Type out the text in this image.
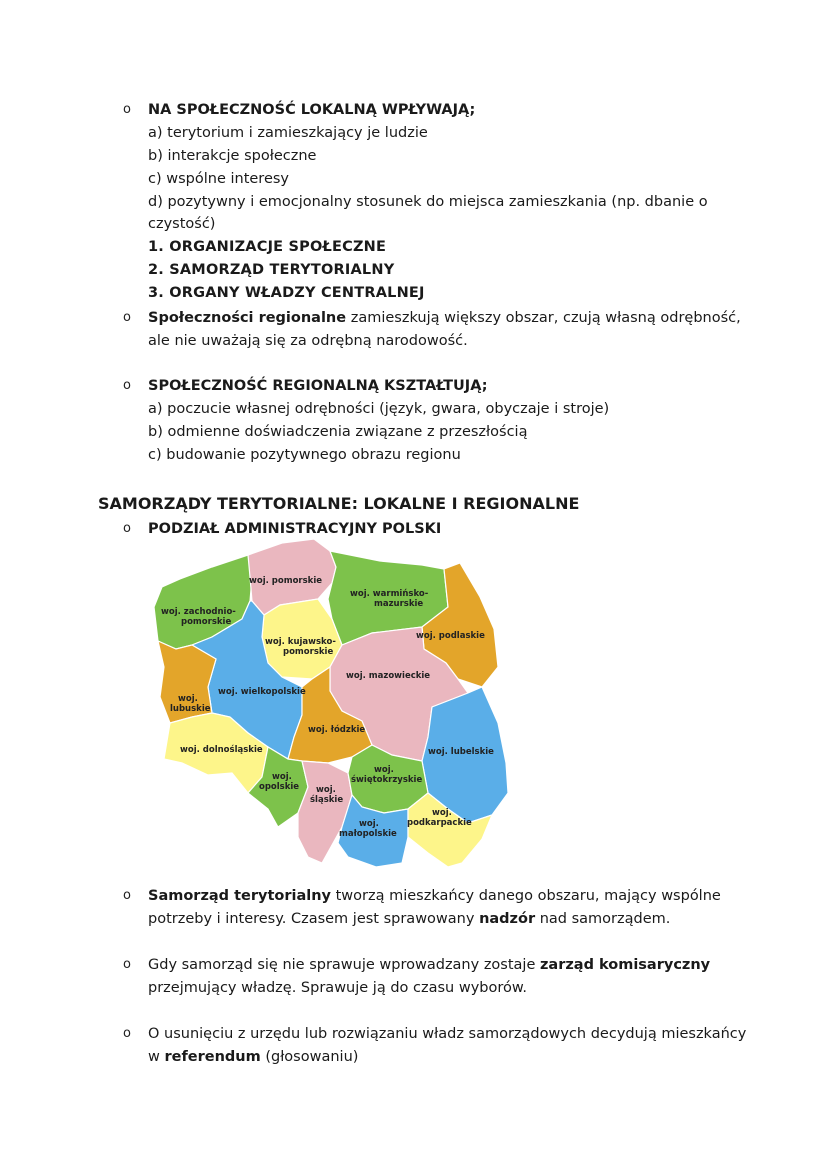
o NA SPOŁECZNOŚĆ LOKALNĄ WPŁYWAJĄ;
a) terytorium i zamieszkający je ludzie
b) interakcje społeczne
c) wspólne interesy
d) pozytywny i emocjonalny stosunek do miejsca zamieszkania (np. dbanie o
czystość)
1. ORGANIZACJE SPOŁECZNE
2. SAMORZĄD TERYTORIALNY
3. ORGANY WŁADZY CENTRALNEJ
o Społeczności regionalne zamieszkują większy obszar, czują własną odrębność,
ale nie uważają się za odrębną narodowość.
o SPOŁECZNOŚĆ REGIONALNĄ KSZTAŁTUJĄ;
a) poczucie własnej odrębności (język, gwara, obyczaje i stroje)
b) odmienne doświadczenia związane z przeszłością
c) budowanie pozytywnego obrazu regionu
SAMORZĄDY TERYTORIALNE: LOKALNE I REGIONALNE
o PODZIAŁ ADMINISTRACYJNY POLSKI
woj. pomorskie
woj. warmińsko-
mazurskie
woj. zachodnio-
pomorskie
woj. podlaskie
woj. kujawsko-
pomorskie
woj. mazowieckie
woj. wielkopolskie
woj.
lubuskie
woj. łódzkie
woj. dolnośląskie	woj. lubelskie
woj.
opolskie
woj.
świętokrzyskie
woj.
śląskie
woj.
podkarpackie
woj.
małopolskie
o Samorząd terytorialny tworzą mieszkańcy danego obszaru, mający wspólne
potrzeby i interesy. Czasem jest sprawowany nadzór nad samorządem.
o Gdy samorząd się nie sprawuje wprowadzany zostaje zarząd komisaryczny
przejmujący władzę. Sprawuje ją do czasu wyborów.
o O usunięciu z urzędu lub rozwiązaniu władz samorządowych decydują mieszkańcy
w referendum (głosowaniu)
